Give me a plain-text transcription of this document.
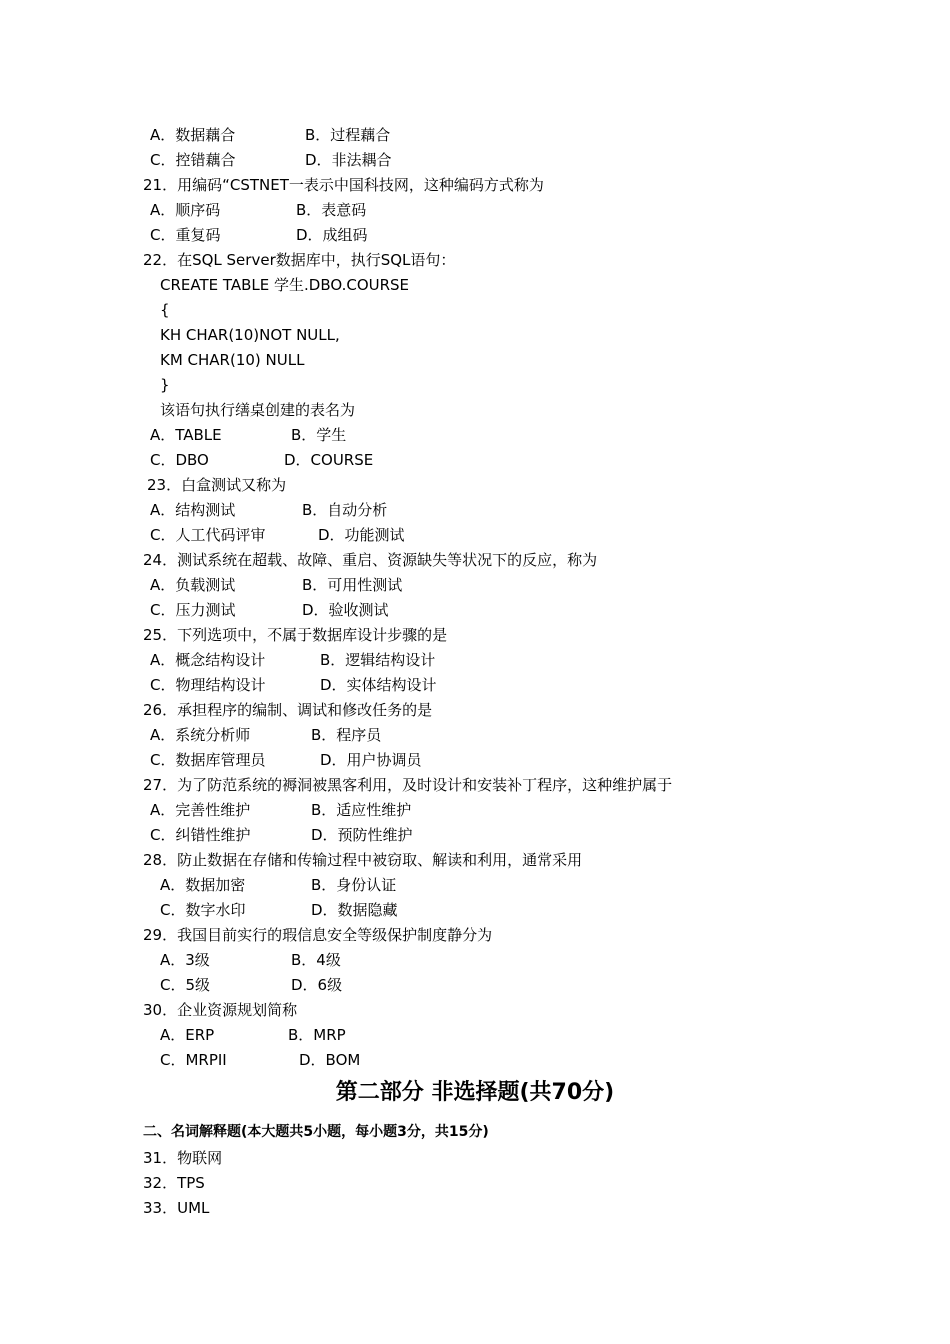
A．数据藕合	B．过程藕合
C．控错藕合	D．非法耦合
21．用编码“CSTNET一表示中国科技网，这种编码方式称为
A．顺序码	B．表意码
C．重复码	D．成组码
22．在SQL Server数据库中，执行SQL语句：
CREATE TABLE 学生.DBO.COURSE
{
KH CHAR(10)NOT NULL,
KM CHAR(10) NULL
}
该语句执行缮桌创建的表名为
A．TABLE	B．学生
C．DBO	D．COURSE
23．白盒测试又称为
A．结构测试	B．自动分析
C．人工代码评审	D．功能测试
24．测试系统在超载、故障、重启、资源缺失等状况下的反应，称为
A．负载测试	B．可用性测试
C．压力测试	D．验收测试
25．下列选项中，不属于数据库设计步骤的是
A．概念结构设计	B．逻辑结构设计
C．物理结构设计	D．实体结构设计
26．承担程序的编制、调试和修改任务的是
A．系统分析师	B．程序员
C．数据库管理员	D．用户协调员
27．为了防范系统的褥洞被黑客利用，及时设计和安装补丁程序，这种维护属于
A．完善性维护	B．适应性维护
C．纠错性维护	D．预防性维护
28．防止数据在存储和传输过程中被窃取、解读和利用，通常采用
A．数据加密	B．身份认证
C．数字水印	D．数据隐藏
29．我国目前实行的瑕信息安全等级保护制度静分为
A．3级	B．4级
C．5级	D．6级
30．企业资源规划简称
A．ERP	B．MRP
C．MRPII	D．BOM
第二部分 非选择题(共70分)
二、名词解释题(本大题共5小题，每小题3分，共15分)
31．物联网
32．TPS
33．UML
